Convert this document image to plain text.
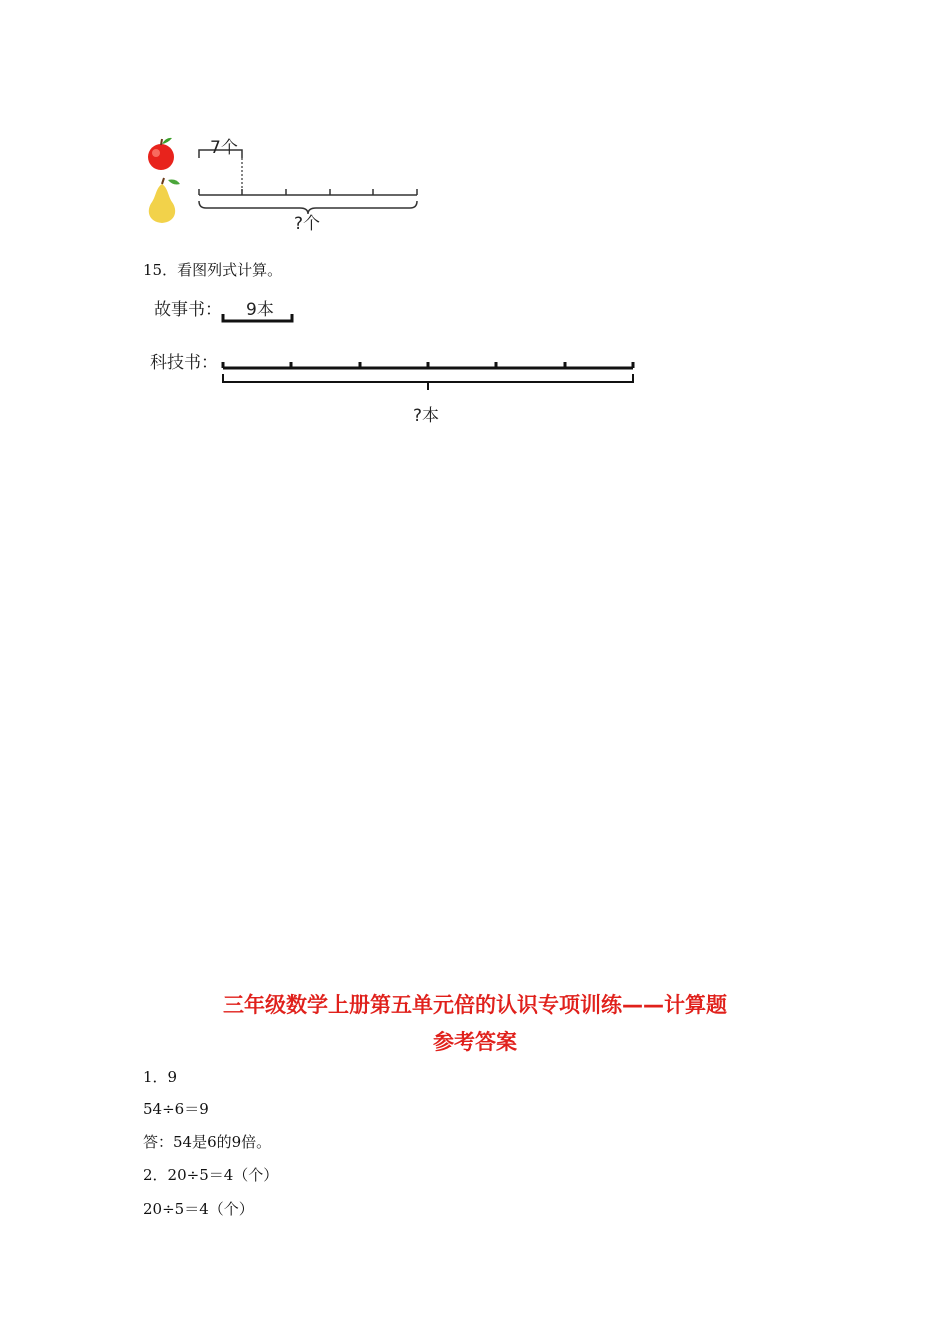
7个
?个
15．看图列式计算。
故事书： 9本
科技书：
?本
三年级数学上册第五单元倍的认识专项训练——计算题
参考答案
1．9
54÷6＝9
答：54是6的9倍。
2．20÷5＝4（个）
20÷5＝4（个）
